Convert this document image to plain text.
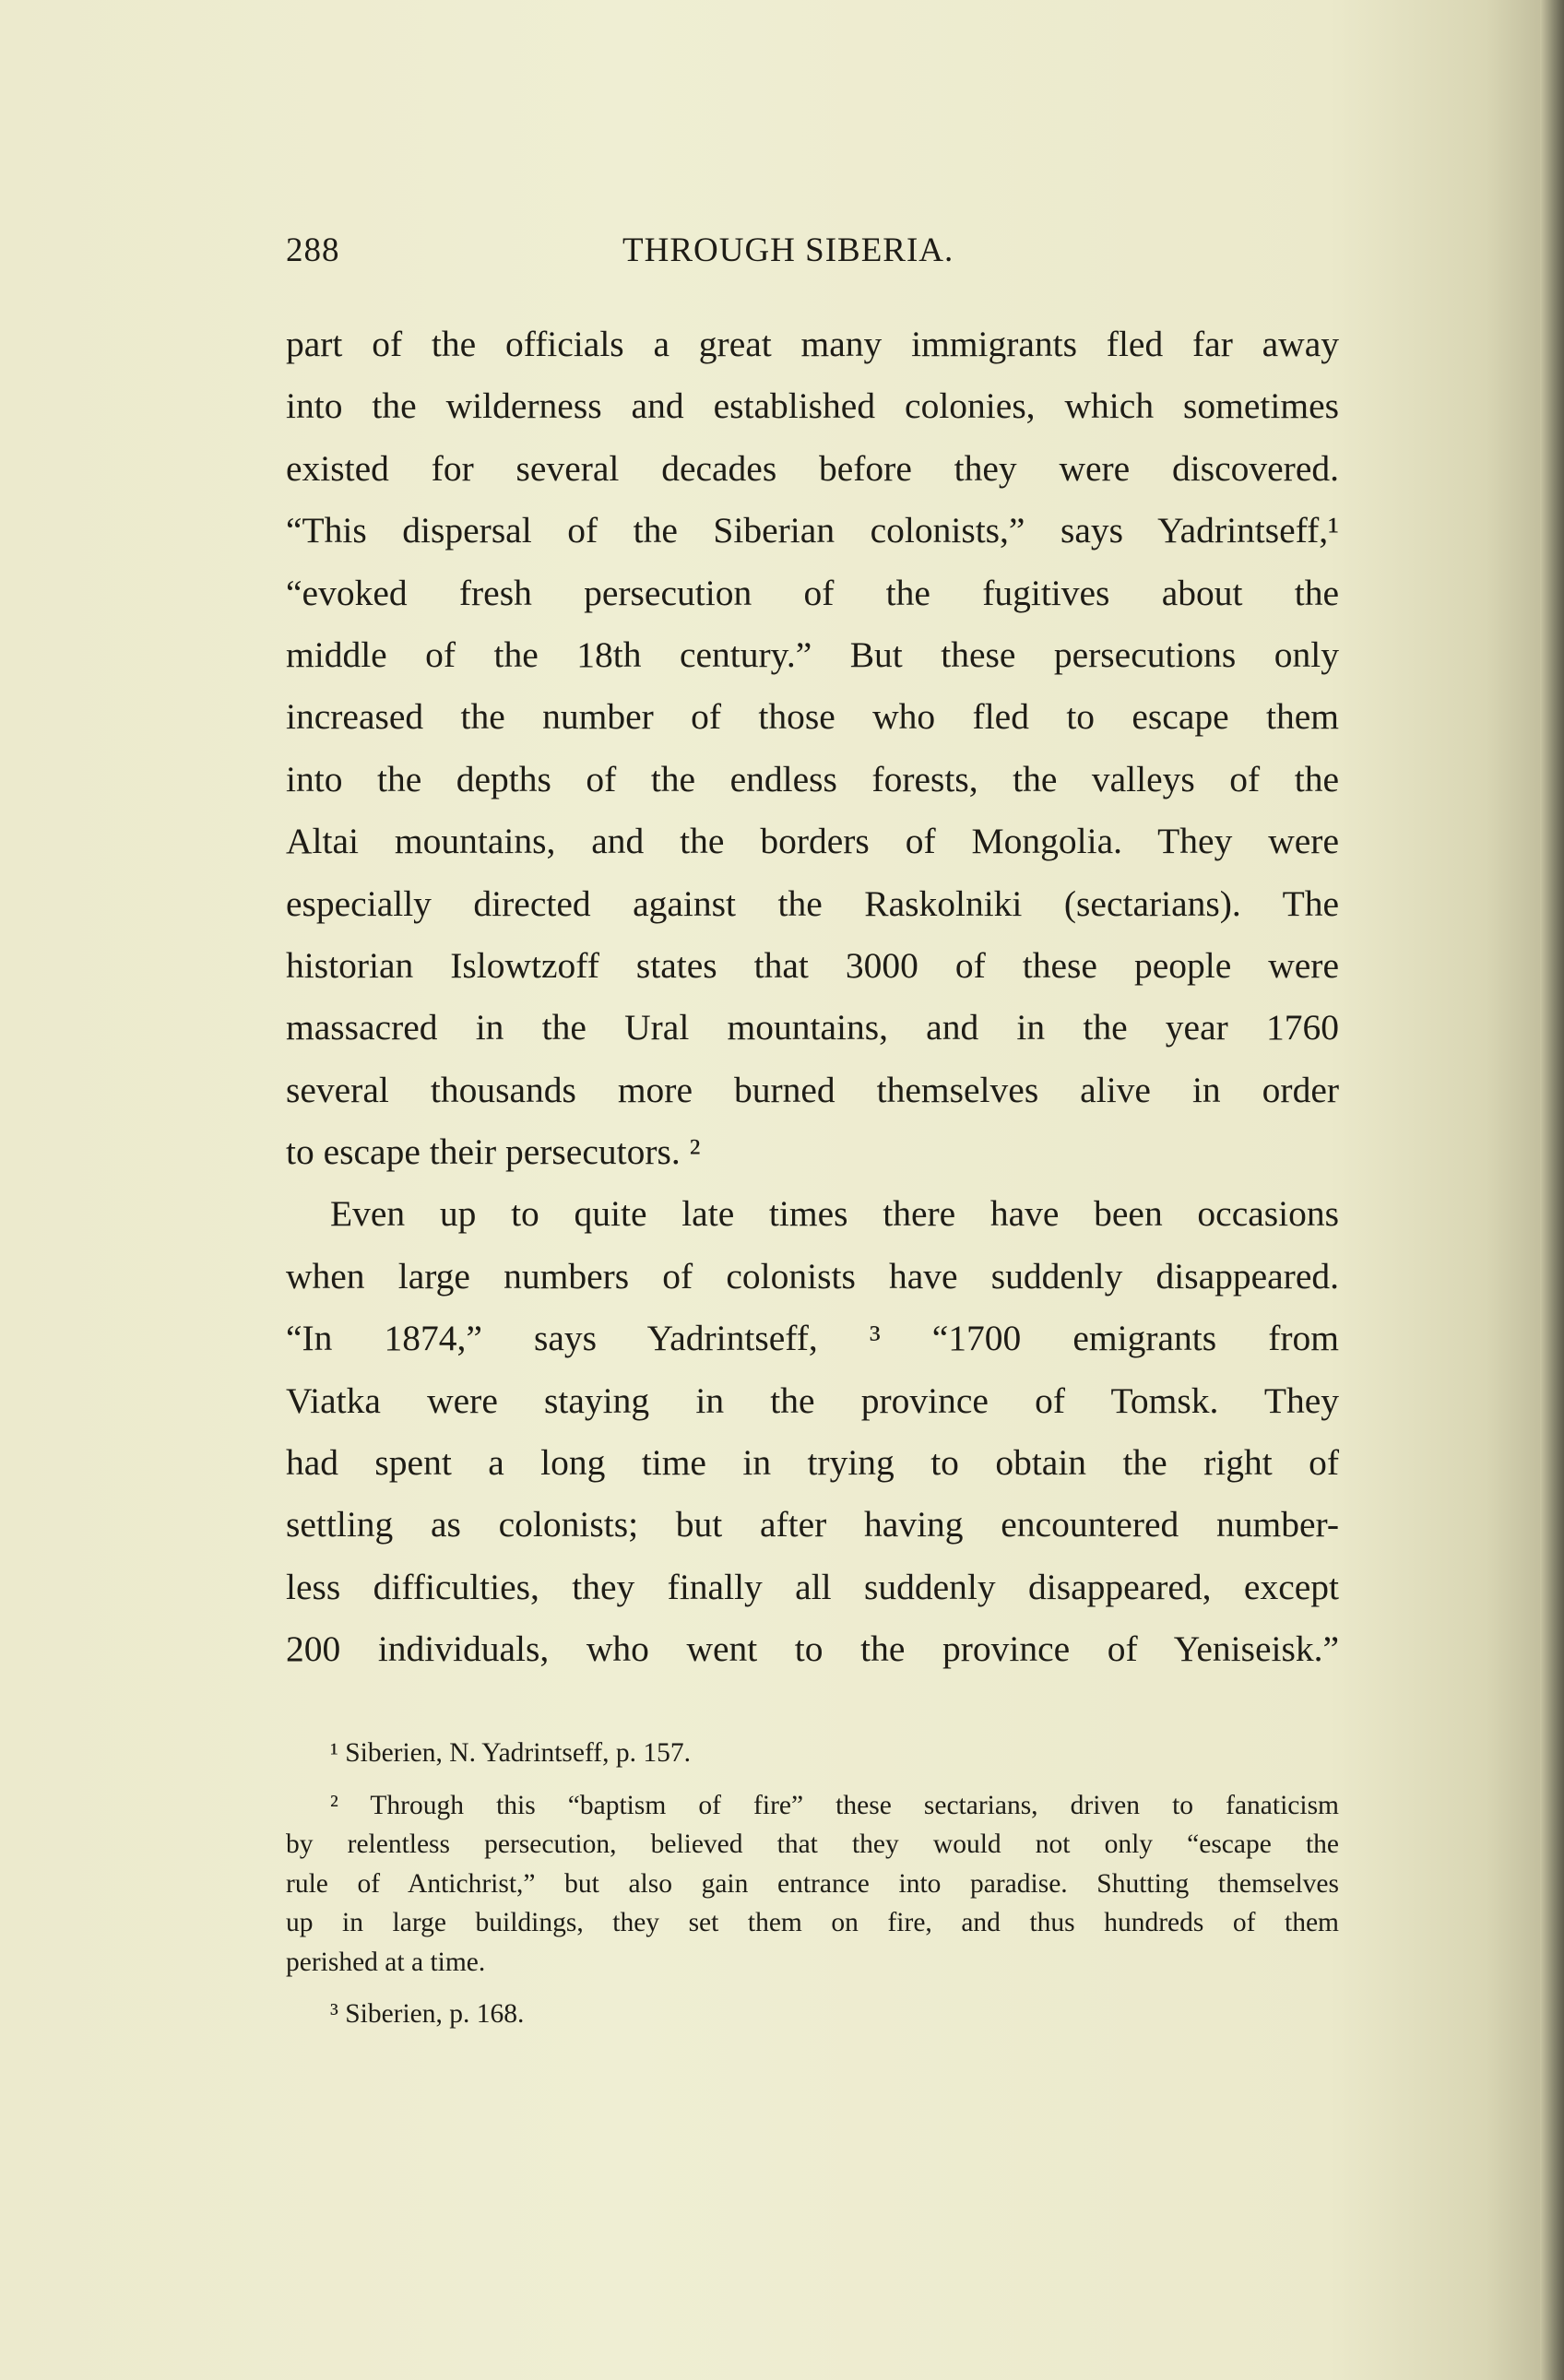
288	THROUGH SIBERIA.
part of the officials a great many immigrants fled far away
into the wilderness and established colonies, which sometimes
existed for several decades before they were discovered.
“This dispersal of the Siberian colonists,” says Yadrintseff,¹
“evoked fresh persecution of the fugitives about the
middle of the 18th century.” But these persecutions only
increased the number of those who fled to escape them
into the depths of the endless forests, the valleys of the
Altai mountains, and the borders of Mongolia. They were
especially directed against the Raskolniki (sectarians). The
historian Islowtzoff states that 3000 of these people were
massacred in the Ural mountains, and in the year 1760
several thousands more burned themselves alive in order
to escape their persecutors. ²
Even up to quite late times there have been occasions
when large numbers of colonists have suddenly disappeared.
“In 1874,” says Yadrintseff, ³ “1700 emigrants from
Viatka were staying in the province of Tomsk. They
had spent a long time in trying to obtain the right of
settling as colonists; but after having encountered number-
less difficulties, they finally all suddenly disappeared, except
200 individuals, who went to the province of Yeniseisk.”
¹ Siberien, N. Yadrintseff, p. 157.
² Through this “baptism of fire” these sectarians, driven to fanaticism
by relentless persecution, believed that they would not only “escape the
rule of Antichrist,” but also gain entrance into paradise. Shutting themselves
up in large buildings, they set them on fire, and thus hundreds of them
perished at a time.
³ Siberien, p. 168.
